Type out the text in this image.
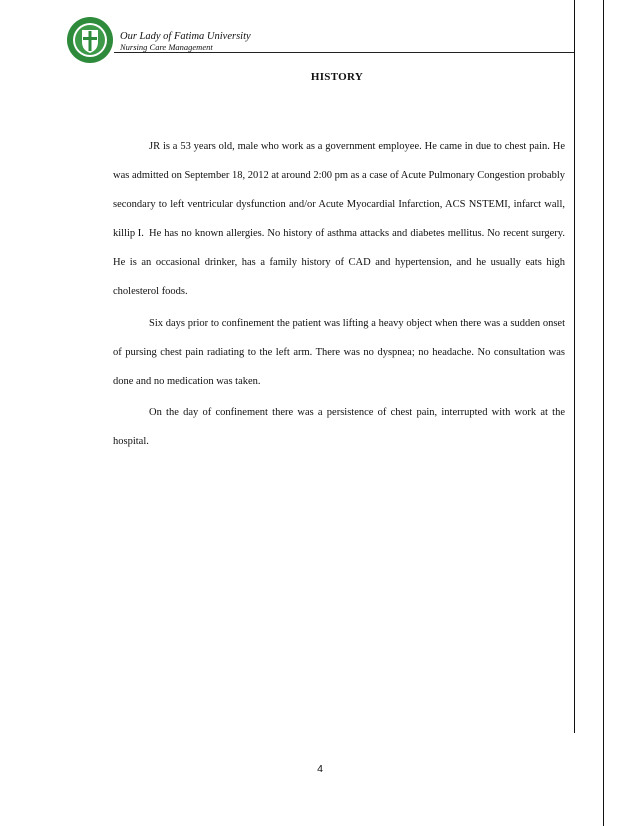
Our Lady of Fatima University
Nursing Care Management
HISTORY

JR is a 53 years old, male who work as a government employee. He came in due to chest pain. He was admitted on September 18, 2012 at around 2:00 pm as a case of Acute Pulmonary Congestion probably secondary to left ventricular dysfunction and/or Acute Myocardial Infarction, ACS NSTEMI, infarct wall, killip I. He has no known allergies. No history of asthma attacks and diabetes mellitus. No recent surgery. He is an occasional drinker, has a family history of CAD and hypertension, and he usually eats high cholesterol foods.

Six days prior to confinement the patient was lifting a heavy object when there was a sudden onset of pursing chest pain radiating to the left arm. There was no dyspnea; no headache. No consultation was done and no medication was taken.

On the day of confinement there was a persistence of chest pain, interrupted with work at the hospital.

4
